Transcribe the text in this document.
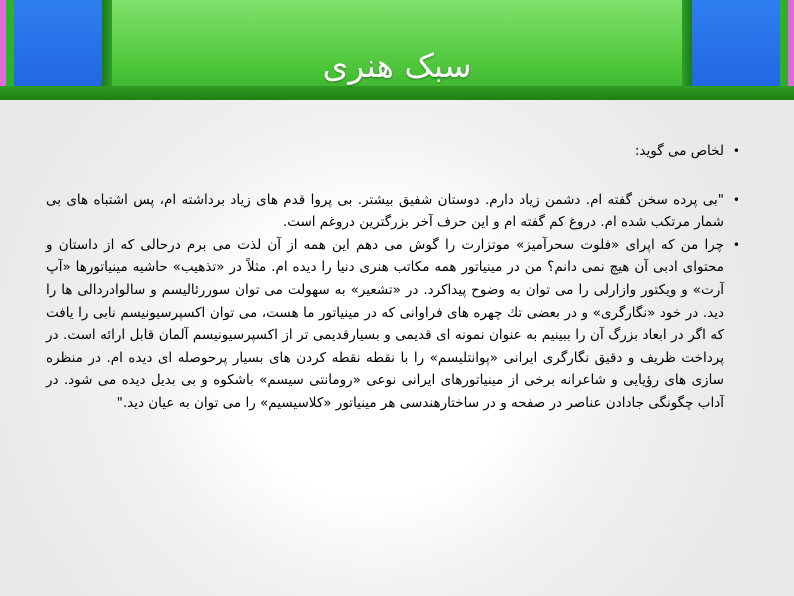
سبک هنری

•
لخاص می گوید:

•
"بی پرده سخن گفته ام. دشمن زیاد دارم. دوستان شفیق بیشتر. بی پروا قدم های زیاد برداشته ام، پس اشتباه های بی شمار مرتکب شده ام. دروغ کم گفته ام و این حرف آخر بزرگترین دروغم است.

•
چرا من که اپرای «فلوت سحرآمیز» موتزارت را گوش می دهم این همه از آن لذت می برم درحالی که از داستان و محتوای ادبی آن هیچ نمی دانم؟ من در مینیاتور همه مکاتب هنری دنیا را دیده ام. مثلاً در «تذهیب» حاشیه مینیاتورها «آپ آرت» و ویکتور وازارلی را می توان به وضوح پیداکرد. در «تشعیر» به سهولت می توان سوررئالیسم و سالوادردالی ها را دید. در خود «نگارگری» و در بعضی تك چهره های فراوانی که در مینیاتور ما هست، می توان اکسپرسیونیسم نابی را یافت که اگر در ابعاد بزرگ آن را ببینیم به عنوان نمونه ای قدیمی و بسیارقدیمی تر از اکسپرسیونیسم آلمان قابل ارائه است. در پرداخت ظریف و دقیق نگارگری ایرانی «پوانتلیسم» را با نقطه نقطه کردن های بسیار پرحوصله ای دیده ام. در منظره سازی های رؤیایی و شاعرانه برخی از مینیاتورهای ایرانی نوعی «رومانتی سیسم» باشکوه و بی بدیل دیده می شود. در آداب چگونگی جادادن عناصر در صفحه و در ساختارهندسی هر مینیاتور «کلاسیسیم» را می توان به عیان دید."
